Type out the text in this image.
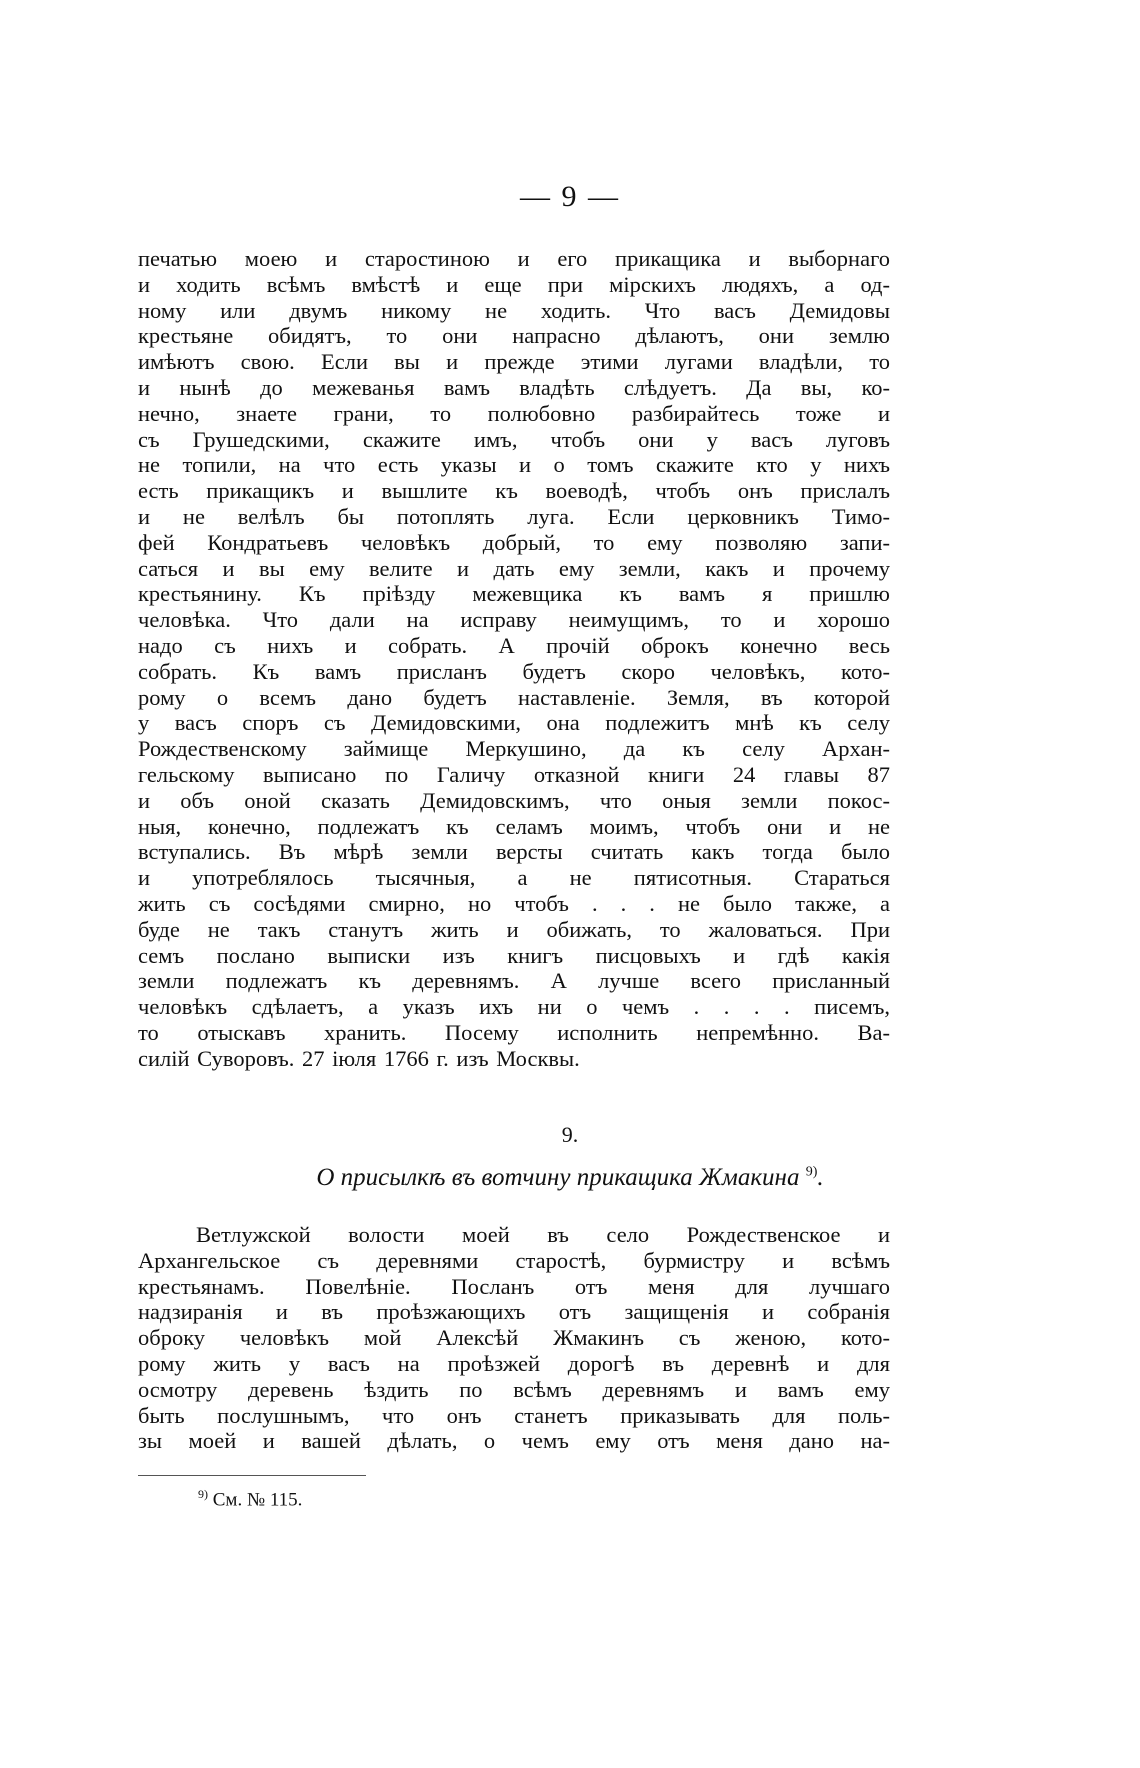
— 9 —
печатью моею и старостиною и его прикащика и выборнаго
и ходить всѣмъ вмѣстѣ и еще при мірскихъ людяхъ, а од-
ному или двумъ никому не ходить. Что васъ Демидовы
крестьяне обидятъ, то они напрасно дѣлаютъ, они землю
имѣютъ свою. Если вы и прежде этими лугами владѣли, то
и нынѣ до межеванья вамъ владѣть слѣдуетъ. Да вы, ко-
нечно, знаете грани, то полюбовно разбирайтесь тоже и
съ Грушедскими, скажите имъ, чтобъ они у васъ луговъ
не топили, на что есть указы и о томъ скажите кто у нихъ
есть прикащикъ и вышлите къ воеводѣ, чтобъ онъ прислалъ
и не велѣлъ бы потоплять луга. Если церковникъ Тимо-
фей Кондратьевъ человѣкъ добрый, то ему позволяю запи-
саться и вы ему велите и дать ему земли, какъ и прочему
крестьянину. Къ пріѣзду межевщика къ вамъ я пришлю
человѣка. Что дали на исправу неимущимъ, то и хорошо
надо съ нихъ и собрать. А прочій оброкъ конечно весь
собрать. Къ вамъ присланъ будетъ скоро человѣкъ, кото-
рому о всемъ дано будетъ наставленіе. Земля, въ которой
у васъ споръ съ Демидовскими, она подлежитъ мнѣ къ селу
Рождественскому займище Меркушино, да къ селу Архан-
гельскому выписано по Галичу отказной книги 24 главы 87
и объ оной сказать Демидовскимъ, что оныя земли покос-
ныя, конечно, подлежатъ къ селамъ моимъ, чтобъ они и не
вступались. Въ мѣрѣ земли версты считать какъ тогда было
и употреблялось тысячныя, а не пятисотныя. Стараться
жить съ сосѣдями смирно, но чтобъ . . . не было также, а
буде не такъ станутъ жить и обижать, то жаловаться. При
семъ послано выписки изъ книгъ писцовыхъ и гдѣ какія
земли подлежатъ къ деревнямъ. А лучше всего присланный
человѣкъ сдѣлаетъ, а указъ ихъ ни о чемъ . . . . писемъ,
то отыскавъ хранить. Посему исполнить непремѣнно. Ва-
силій Суворовъ. 27 іюля 1766 г. изъ Москвы.
9.
О присылкѣ въ вотчину прикащика Жмакина $^{9)}$.
Ветлужской волости моей въ село Рождественское и
Архангельское съ деревнями старостѣ, бурмистру и всѣмъ
крестьянамъ. Повелѣніе. Посланъ отъ меня для лучшаго
надзиранія и въ проѣзжающихъ отъ защищенія и собранія
оброку человѣкъ мой Алексѣй Жмакинъ съ женою, кото-
рому жить у васъ на проѣзжей дорогѣ въ деревнѣ и для
осмотру деревень ѣздить по всѣмъ деревнямъ и вамъ ему
быть послушнымъ, что онъ станетъ приказывать для поль-
зы моей и вашей дѣлать, о чемъ ему отъ меня дано на-
$^{9)}$ См. № 115.
